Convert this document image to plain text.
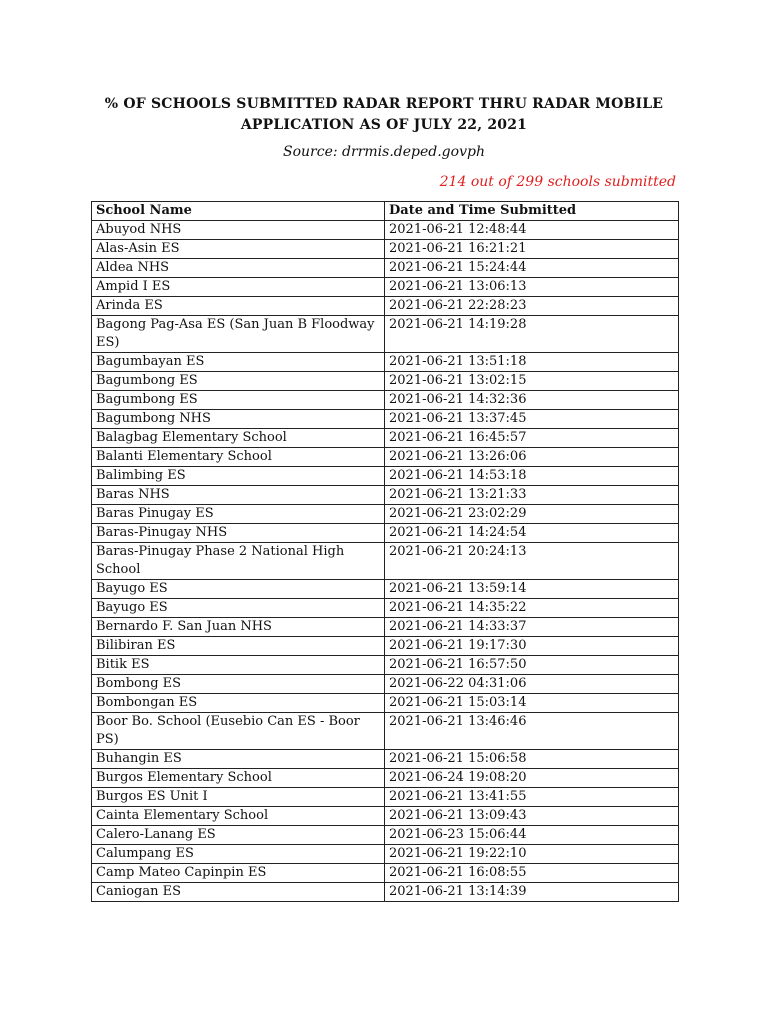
% OF SCHOOLS SUBMITTED RADAR REPORT THRU RADAR MOBILE
APPLICATION AS OF JULY 22, 2021
Source: drrmis.deped.govph
214 out of 299 schools submitted
School Name	Date and Time Submitted
Abuyod NHS	2021-06-21 12:48:44
Alas-Asin ES	2021-06-21 16:21:21
Aldea NHS	2021-06-21 15:24:44
Ampid I ES	2021-06-21 13:06:13
Arinda ES	2021-06-21 22:28:23
Bagong Pag-Asa ES (San Juan B Floodway ES)	2021-06-21 14:19:28
Bagumbayan ES	2021-06-21 13:51:18
Bagumbong ES	2021-06-21 13:02:15
Bagumbong ES	2021-06-21 14:32:36
Bagumbong NHS	2021-06-21 13:37:45
Balagbag Elementary School	2021-06-21 16:45:57
Balanti Elementary School	2021-06-21 13:26:06
Balimbing ES	2021-06-21 14:53:18
Baras NHS	2021-06-21 13:21:33
Baras Pinugay ES	2021-06-21 23:02:29
Baras-Pinugay NHS	2021-06-21 14:24:54
Baras-Pinugay Phase 2 National High School	2021-06-21 20:24:13
Bayugo ES	2021-06-21 13:59:14
Bayugo ES	2021-06-21 14:35:22
Bernardo F. San Juan NHS	2021-06-21 14:33:37
Bilibiran ES	2021-06-21 19:17:30
Bitik ES	2021-06-21 16:57:50
Bombong ES	2021-06-22 04:31:06
Bombongan ES	2021-06-21 15:03:14
Boor Bo. School (Eusebio Can ES - Boor PS)	2021-06-21 13:46:46
Buhangin ES	2021-06-21 15:06:58
Burgos Elementary School	2021-06-24 19:08:20
Burgos ES Unit I	2021-06-21 13:41:55
Cainta Elementary School	2021-06-21 13:09:43
Calero-Lanang ES	2021-06-23 15:06:44
Calumpang ES	2021-06-21 19:22:10
Camp Mateo Capinpin ES	2021-06-21 16:08:55
Caniogan ES	2021-06-21 13:14:39
